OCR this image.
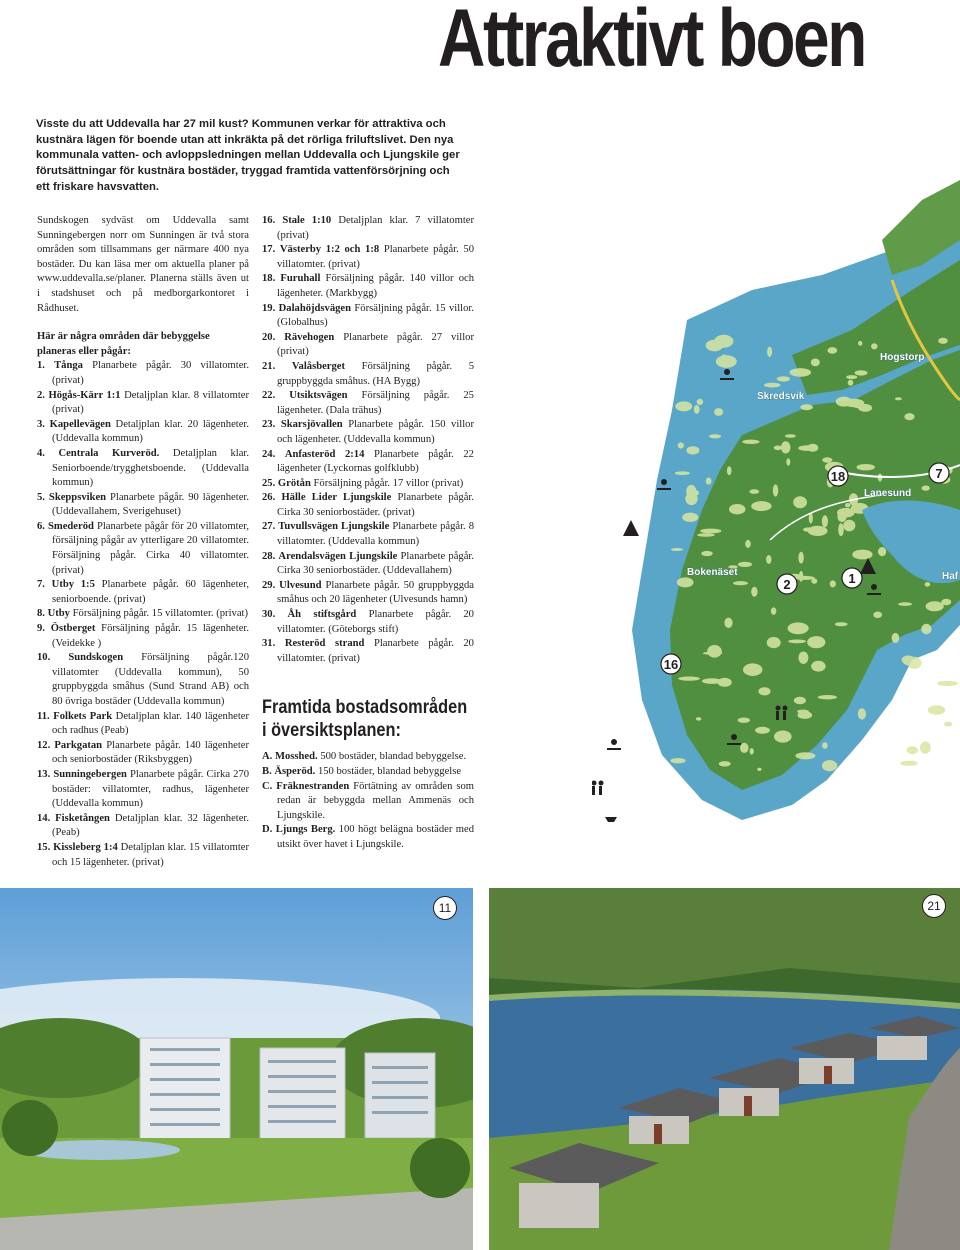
Attraktivt boen

Visste du att Uddevalla har 27 mil kust? Kommunen verkar för attraktiva och kustnära lägen för boende utan att inkräkta på det rörliga friluftslivet. Den nya kommunala vatten- och avloppsledningen mellan Uddevalla och Ljungskile ger förutsättningar för kustnära bostäder, tryggad framtida vattenförsörjning och ett friskare havsvatten.

Sundskogen sydväst om Uddevalla samt Sunningebergen norr om Sunningen är två stora områden som tillsammans ger närmare 400 nya bostäder. Du kan läsa mer om aktuella planer på www.uddevalla.se/planer. Planerna ställs även ut i stadshuset och på medborgarkontoret i Rådhuset.

Här är några områden där bebyggelse planeras eller pågår:

1. Tånga Planarbete pågår. 30 villatomter. (privat)
2. Högås-Kärr 1:1 Detaljplan klar. 8 villatomter (privat)
3. Kapellevägen Detaljplan klar. 20 lägenheter. (Uddevalla kommun)
4. Centrala Kurveröd. Detaljplan klar. Seniorboende/trygghetsboende. (Uddevalla kommun)
5. Skeppsviken Planarbete pågår. 90 lägenheter. (Uddevallahem, Sverigehuset)
6. Smederöd Planarbete pågår för 20 villatomter, försäljning pågår av ytterligare 20 villatomter. Försäljning pågår. Cirka 40 villatomter. (privat)
7. Utby 1:5 Planarbete pågår. 60 lägenheter, seniorboende. (privat)
8. Utby Försäljning pågår. 15 villatomter. (privat)
9. Östberget Försäljning pågår. 15 lägenheter. (Veidekke )
10. Sundskogen Försäljning pågår.120 villatomter (Uddevalla kommun), 50 gruppbyggda småhus (Sund Strand AB) och 80 övriga bostäder (Uddevalla kommun)
11. Folkets Park Detaljplan klar. 140 lägenheter och radhus (Peab)
12. Parkgatan Planarbete pågår. 140 lägenheter och seniorbostäder (Riksbyggen)
13. Sunningebergen Planarbete pågår. Cirka 270 bostäder: villatomter, radhus, lägenheter (Uddevalla kommun)
14. Fisketången Detaljplan klar. 32 lägenheter. (Peab)
15. Kissleberg 1:4 Detaljplan klar. 15 villatomter och 15 lägenheter. (privat)
16. Stale 1:10 Detaljplan klar. 7 villatomter (privat)
17. Västerby 1:2 och 1:8 Planarbete pågår. 50 villatomter. (privat)
18. Furuhall Försäljning pågår. 140 villor och lägenheter. (Markbygg)
19. Dalahöjdsvägen Försäljning pågår. 15 villor. (Globalhus)
20. Rävehogen Planarbete pågår. 27 villor (privat)
21. Valåsberget Försäljning pågår. 5 gruppbyggda småhus. (HA Bygg)
22. Utsiktsvägen Försäljning pågår. 25 lägenheter. (Dala trähus)
23. Skarsjövallen Planarbete pågår. 150 villor och lägenheter. (Uddevalla kommun)
24. Anfasteröd 2:14 Planarbete pågår. 22 lägenheter (Lyckornas golfklubb)
25. Grötån Försäljning pågår. 17 villor (privat)
26. Hälle Lider Ljungskile Planarbete pågår. Cirka 30 seniorbostäder. (privat)
27. Tuvullsvägen Ljungskile Planarbete pågår. 8 villatomter. (Uddevalla kommun)
28. Arendalsvägen Ljungskile Planarbete pågår. Cirka 30 seniorbostäder. (Uddevallahem)
29. Ulvesund Planarbete pågår. 50 gruppbyggda småhus och 20 lägenheter (Ulvesunds hamn)
30. Åh stiftsgård Planarbete pågår. 20 villatomter. (Göteborgs stift)
31. Resteröd strand Planarbete pågår. 20 villatomter. (privat)

Framtida bostadsområden i översiktsplanen:

A. Mosshed. 500 bostäder, blandad bebyggelse.
B. Äsperöd. 150 bostäder, blandad bebyggelse
C. Fräknestranden Förtätning av områden som redan är bebyggda mellan Ammenäs och Ljungskile.
D. Ljungs Berg. 100 högt belägna bostäder med utsikt över havet i Ljungskile.
Hogstorp
Skredsvik
Lanesund
Bokenäset	Haf
18	7
2	1
16
11	21
